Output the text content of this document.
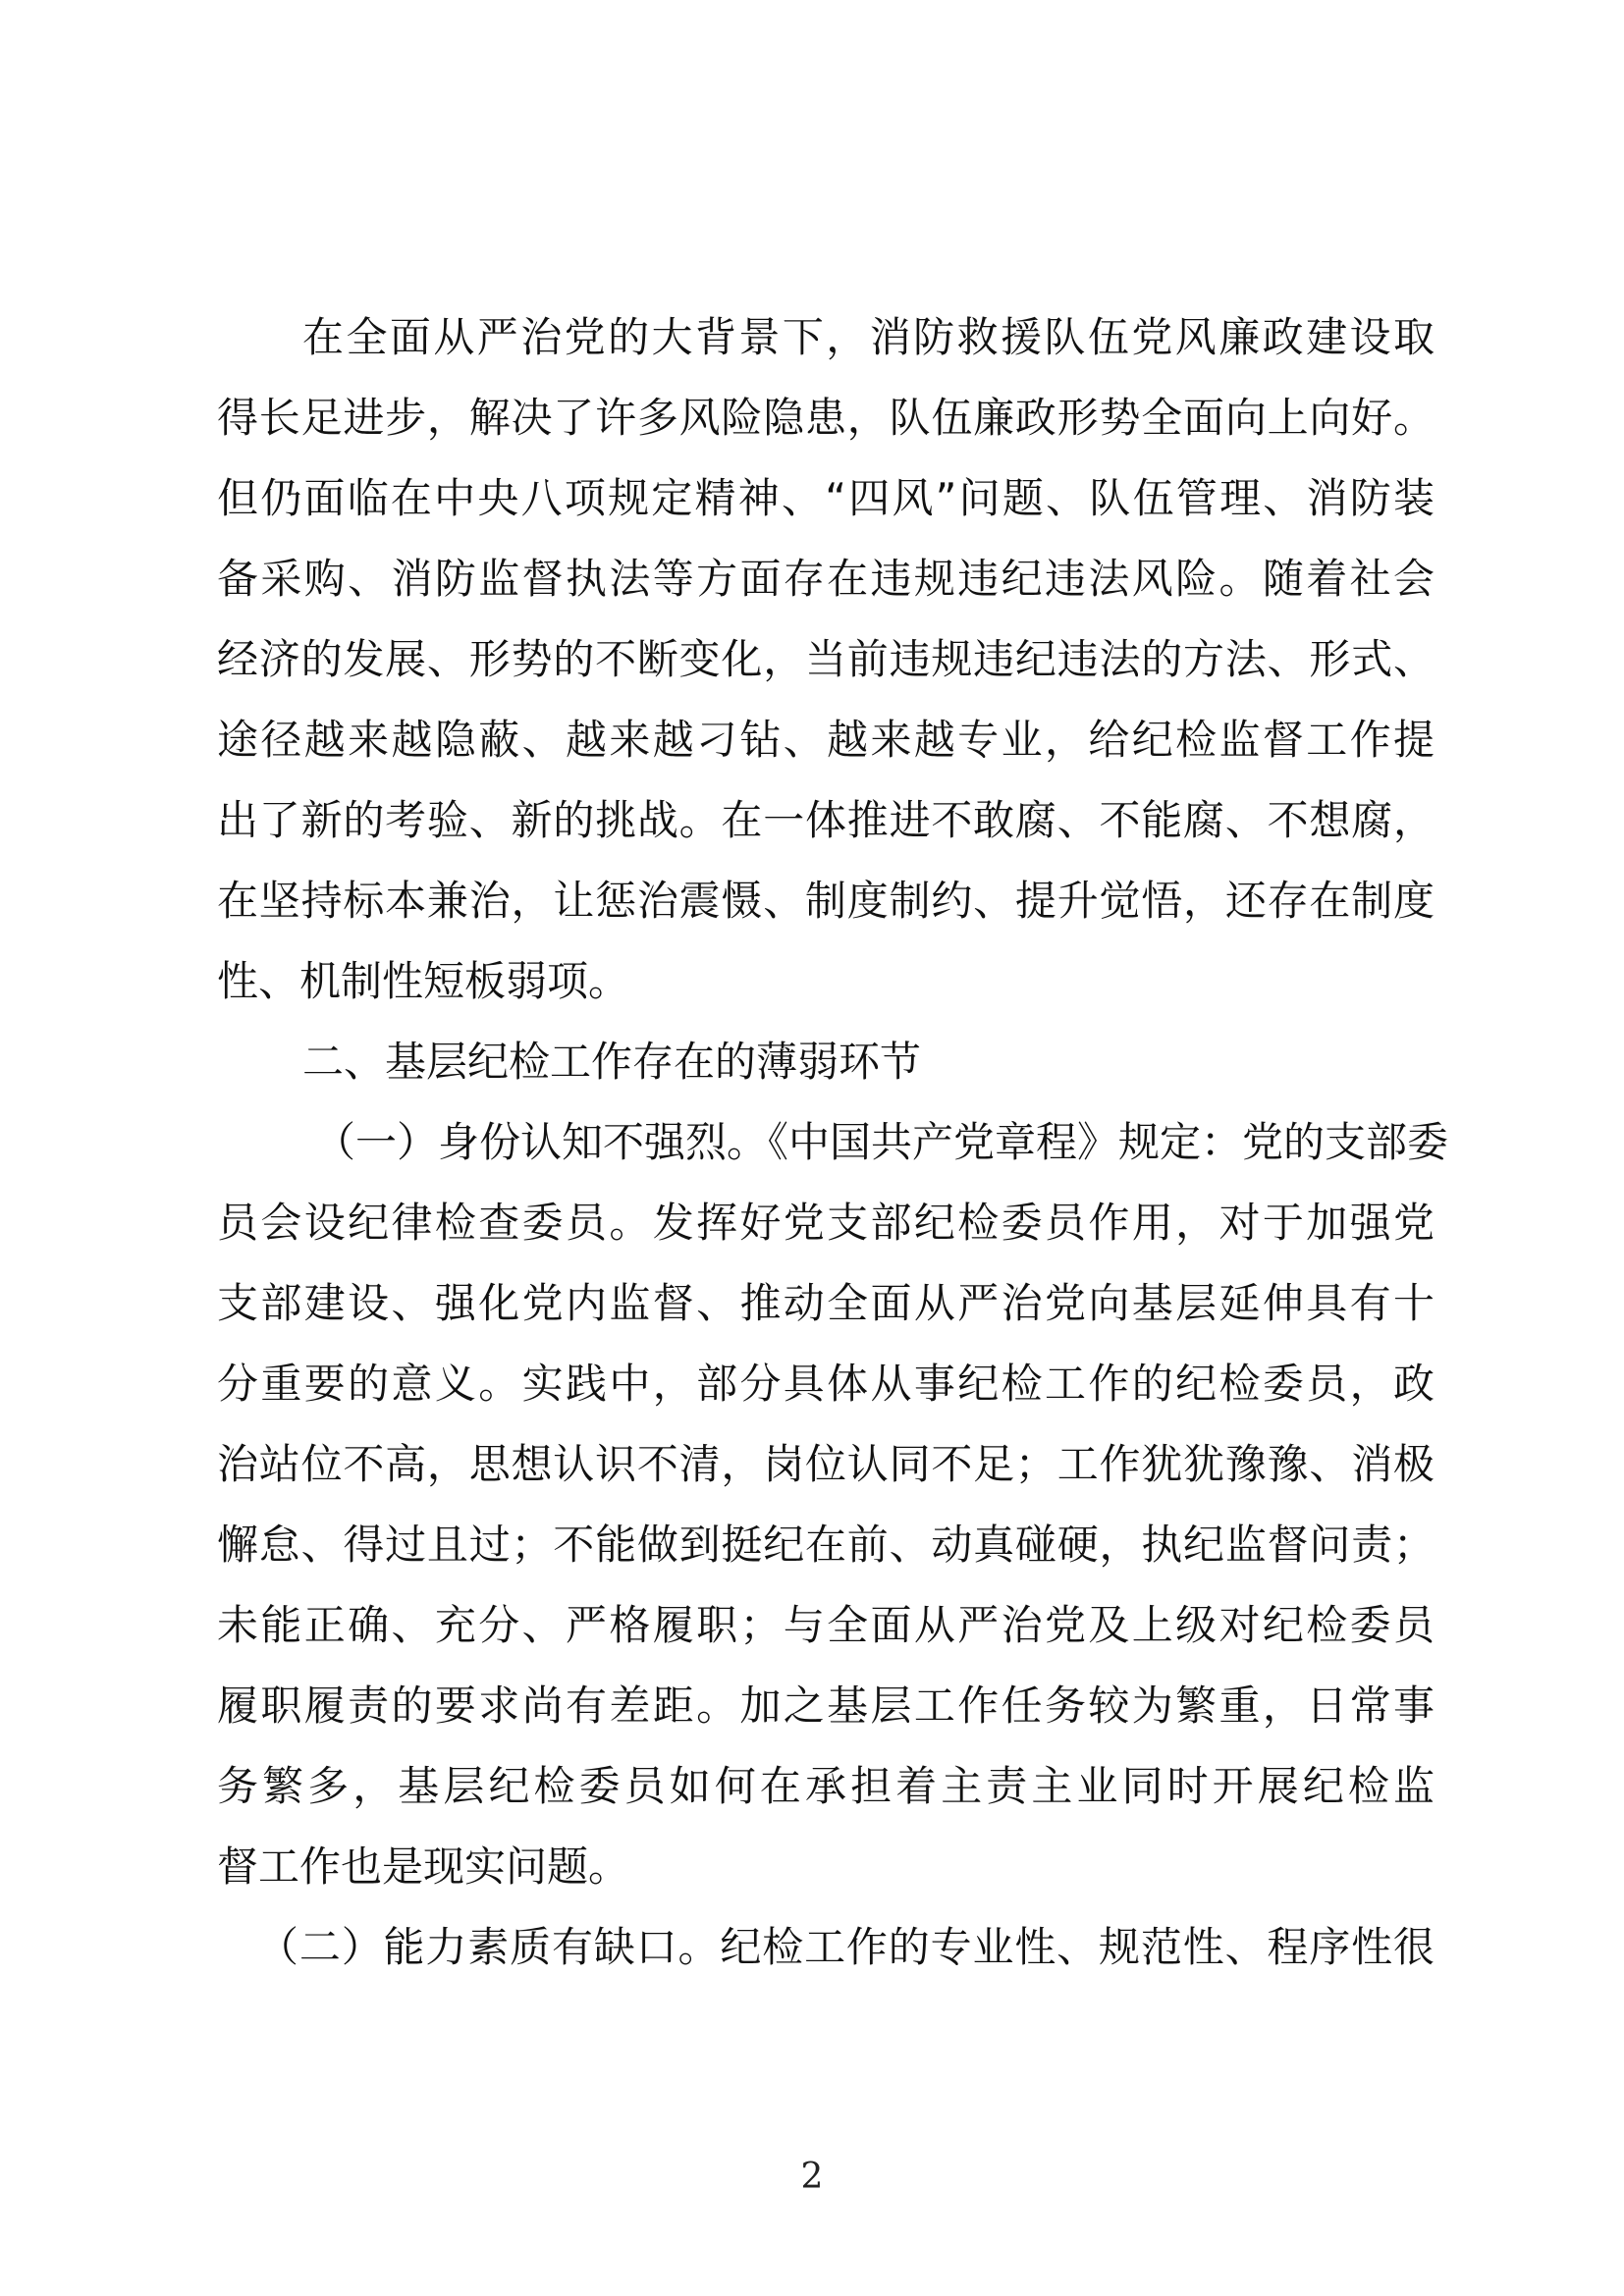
在全面从严治党的大背景下，消防救援队伍党风廉政建设取
得长足进步，解决了许多风险隐患，队伍廉政形势全面向上向好。
但仍面临在中央八项规定精神、“四风”问题、队伍管理、消防装
备采购、消防监督执法等方面存在违规违纪违法风险。随着社会
经济的发展、形势的不断变化，当前违规违纪违法的方法、形式、
途径越来越隐蔽、越来越刁钻、越来越专业，给纪检监督工作提
出了新的考验、新的挑战。在一体推进不敢腐、不能腐、不想腐，
在坚持标本兼治，让惩治震慑、制度制约、提升觉悟，还存在制度
性、机制性短板弱项。
二、基层纪检工作存在的薄弱环节
（一）身份认知不强烈。《中国共产党章程》规定：党的支部委
员会设纪律检查委员。发挥好党支部纪检委员作用，对于加强党
支部建设、强化党内监督、推动全面从严治党向基层延伸具有十
分重要的意义。实践中，部分具体从事纪检工作的纪检委员，政
治站位不高，思想认识不清，岗位认同不足；工作犹犹豫豫、消极
懈怠、得过且过；不能做到挺纪在前、动真碰硬，执纪监督问责；
未能正确、充分、严格履职；与全面从严治党及上级对纪检委员
履职履责的要求尚有差距。加之基层工作任务较为繁重，日常事
务繁多，基层纪检委员如何在承担着主责主业同时开展纪检监
督工作也是现实问题。
（二）能力素质有缺口。纪检工作的专业性、规范性、程序性很
2
